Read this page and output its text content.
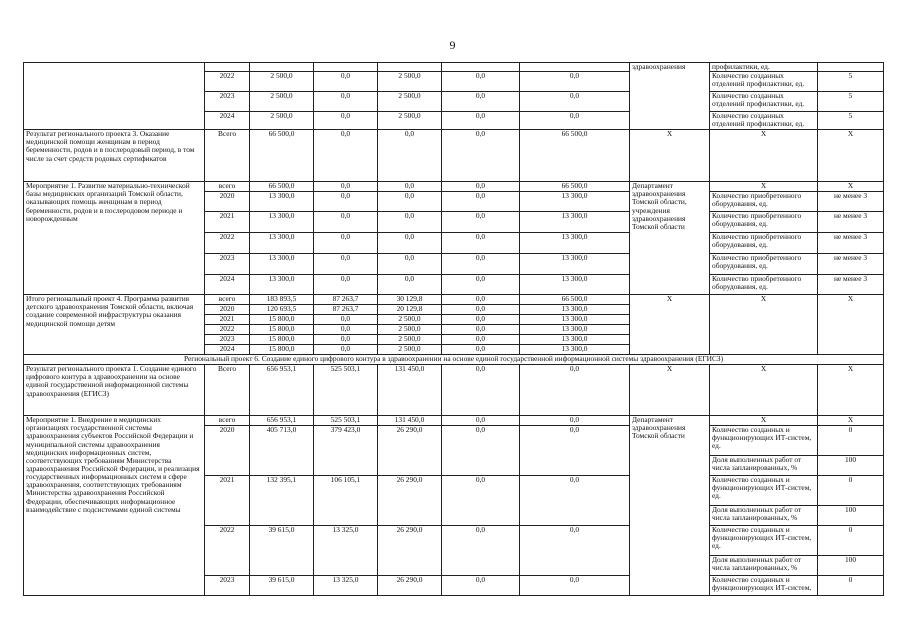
9
							здравоохранения	профилактики, ед.	
	2022	2 500,0	0,0	2 500,0	0,0	0,0		Количество созданных отделений профилактики, ед.	5
	2023	2 500,0	0,0	2 500,0	0,0	0,0		Количество созданных отделений профилактики, ед.	5
	2024	2 500,0	0,0	2 500,0	0,0	0,0		Количество созданных отделений профилактики, ед.	5
Результат регионального проекта 3. Оказание медицинской помощи женщинам в период беременности, родов и в послеродовый период, в том числе за счет средств родовых сертификатов	Всего	66 500,0	0,0	0,0	0,0	66 500,0	Х	Х	Х
Мероприятие 1. Развитие материально-технической базы медицинских организаций Томской области, оказывающих помощь женщинам в период беременности, родов и в послеродовом периоде и новорожденным	всего	66 500,0	0,0	0,0	0,0	66 500,0	Департамент здравоохранения Томской области, учреждения здравоохранения Томской области	Х	Х
	2020	13 300,0	0,0	0,0	0,0	13 300,0		Количество приобретенного оборудования, ед.	не менее 3
	2021	13 300,0	0,0	0,0	0,0	13 300,0		Количество приобретенного оборудования, ед.	не менее 3
	2022	13 300,0	0,0	0,0	0,0	13 300,0		Количество приобретенного оборудования, ед.	не менее 3
	2023	13 300,0	0,0	0,0	0,0	13 300,0		Количество приобретенного оборудования, ед.	не менее 3
	2024	13 300,0	0,0	0,0	0,0	13 300,0		Количество приобретенного оборудования, ед.	не менее 3
Итого региональный проект 4. Программа развития детского здравоохранения Томской области, включая создание современной инфраструктуры оказания медицинской помощи детям	всего	183 893,5	87 263,7	30 129,8	0,0	66 500,0	Х	Х	Х
	2020	120 693,5	87 263,7	20 129,8	0,0	13 300,0			
	2021	15 800,0	0,0	2 500,0	0,0	13 300,0			
	2022	15 800,0	0,0	2 500,0	0,0	13 300,0			
	2023	15 800,0	0,0	2 500,0	0,0	13 300,0			
	2024	15 800,0	0,0	2 500,0	0,0	13 300,0			
Региональный проект 6. Создание единого цифрового контура в здравоохранении на основе единой государственной информационной системы здравоохранения (ЕГИСЗ)									
Результат регионального проекта 1. Создание единого цифрового контура в здравоохранении на основе единой государственной информационной системы здравоохранения (ЕГИСЗ)	Всего	656 953,1	525 503,1	131 450,0	0,0	0,0	Х	Х	Х
Мероприятие 1. Внедрение в медицинских организациях государственной системы здравоохранения субъектов Российской Федерации и муниципальной системы здравоохранения медицинских информационных систем, соответствующих требованиям Министерства здравоохранения Российской Федерации, и реализация государственных информационных систем в сфере здравоохранения, соответствующих требованиям Министерства здравоохранения Российской Федерации, обеспечивающих информационное взаимодействие с подсистемами единой системы	всего	656 953,1	525 503,1	131 450,0	0,0	0,0	Департамент здравоохранения Томской области	Х	Х
	2020	405 713,0	379 423,0	26 290,0	0,0	0,0		Количество созданных и функционирующих ИТ-систем, ед.	0
								Доля выполненных работ от числа запланированных, %	100
	2021	132 395,1	106 105,1	26 290,0	0,0	0,0		Количество созданных и функционирующих ИТ-систем, ед.	0
								Доля выполненных работ от числа запланированных, %	100
	2022	39 615,0	13 325,0	26 290,0	0,0	0,0		Количество созданных и функционирующих ИТ-систем, ед.	0
								Доля выполненных работ от числа запланированных, %	100
	2023	39 615,0	13 325,0	26 290,0	0,0	0,0		Количество созданных и функционирующих ИТ-систем,	0
